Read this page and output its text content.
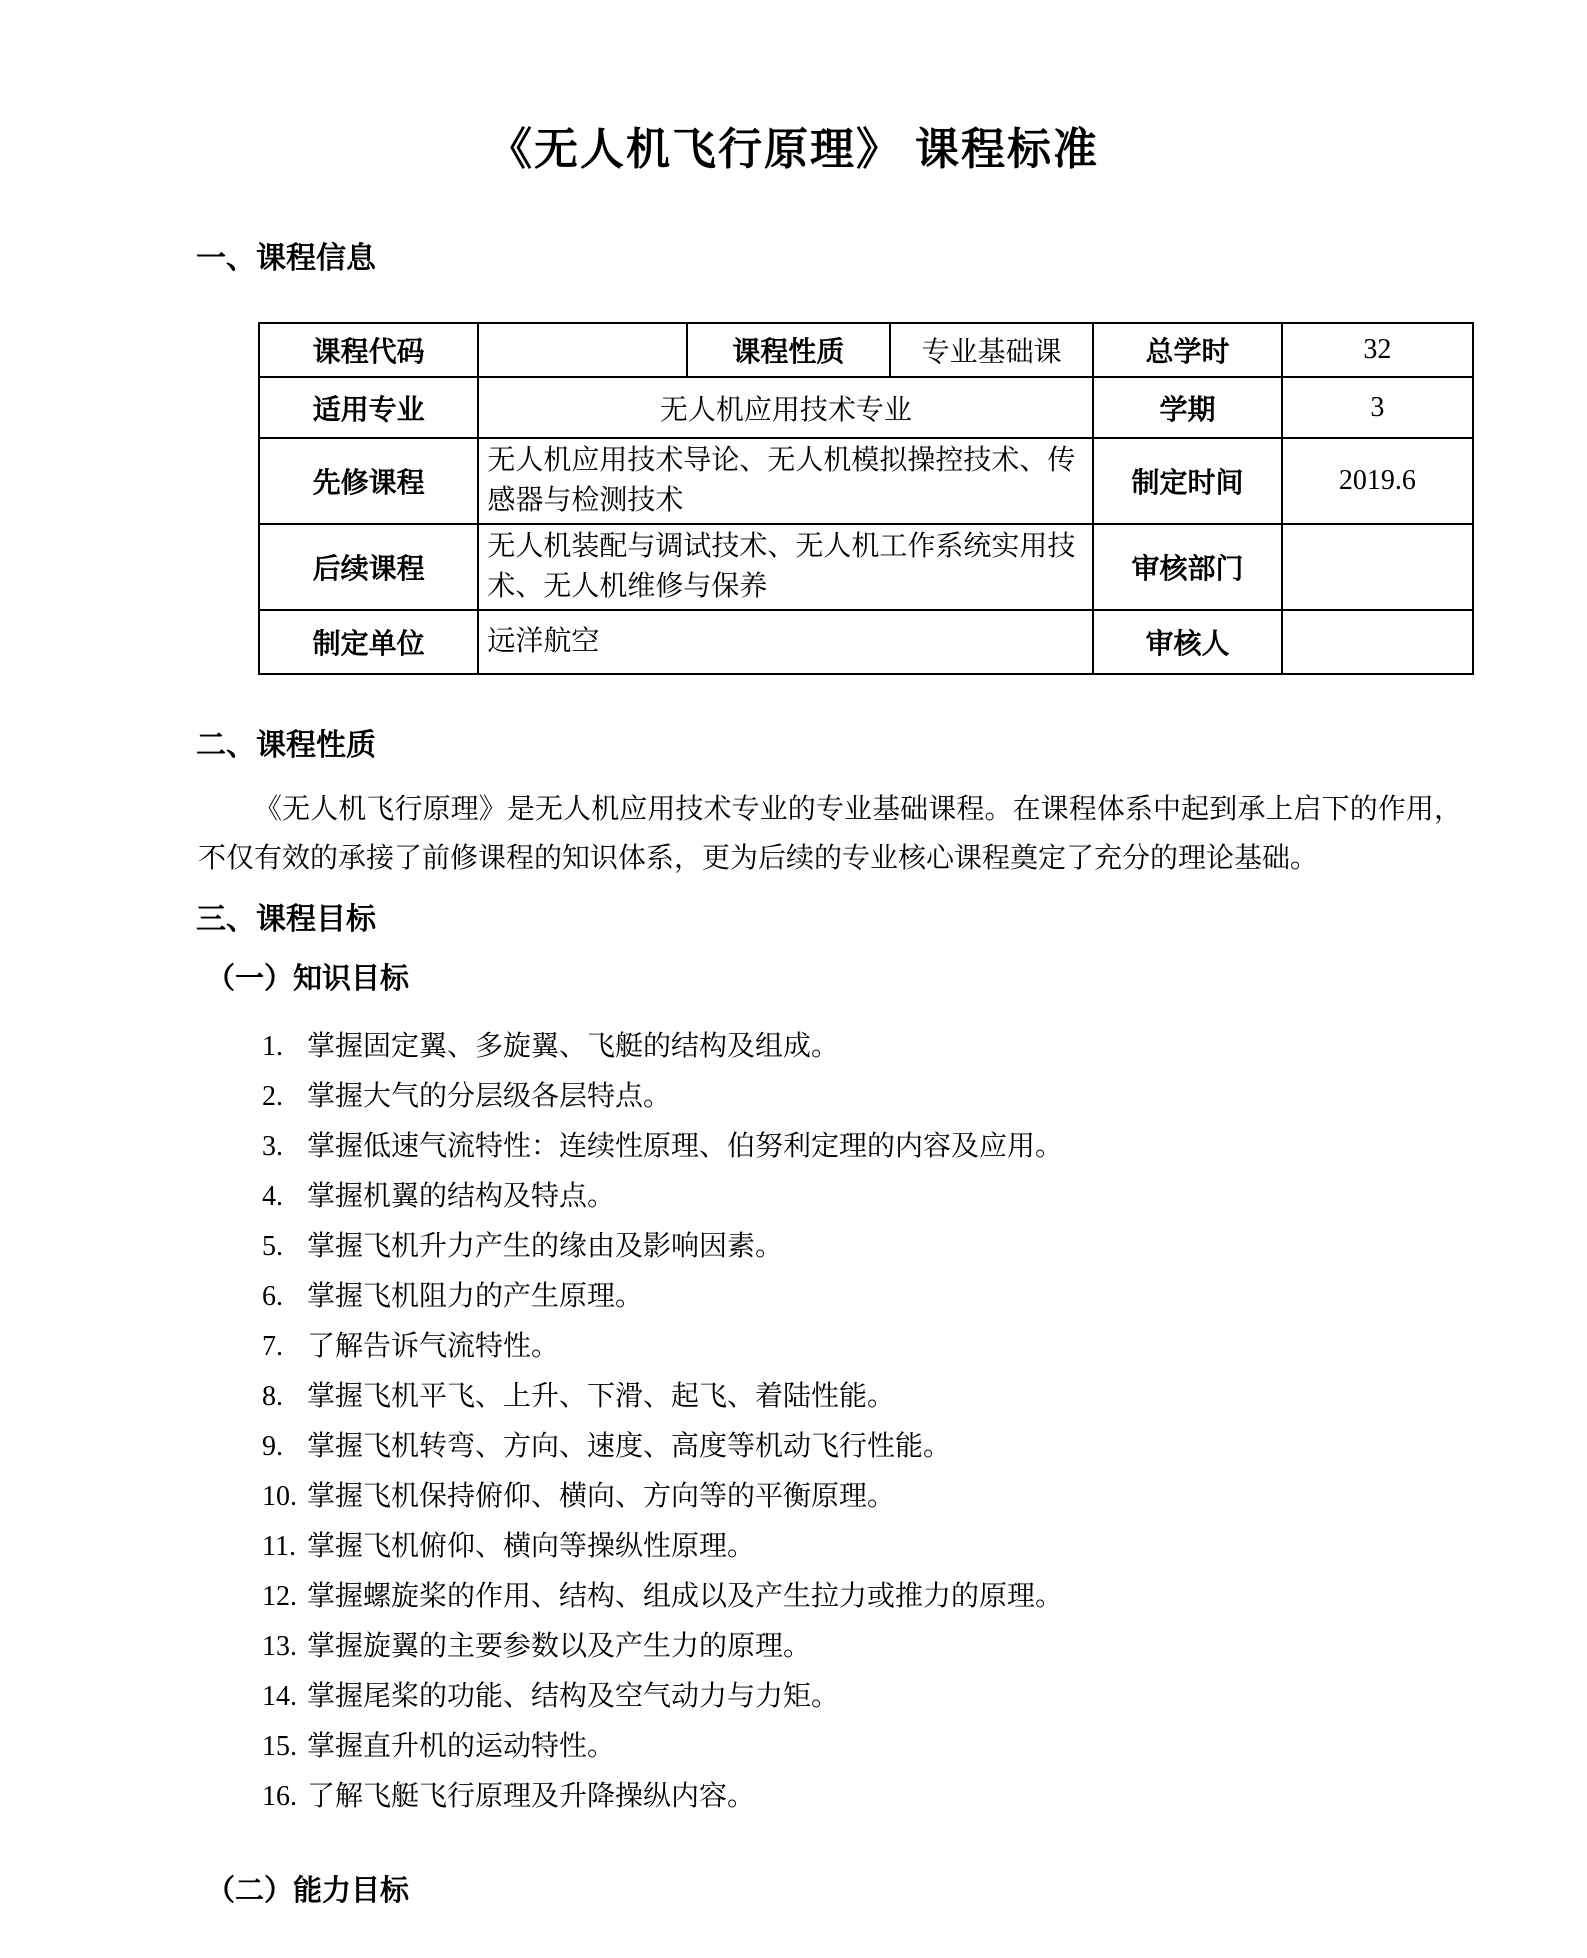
《无人机飞行原理》 课程标准
一、课程信息
课程代码		课程性质	专业基础课	总学时	32
适用专业	无人机应用技术专业			学期	3
先修课程	无人机应用技术导论、无人机模拟操控技术、传感器与检测技术			制定时间	2019.6
后续课程	无人机装配与调试技术、无人机工作系统实用技术、无人机维修与保养			审核部门	
制定单位	远洋航空			审核人	
二、课程性质
《无人机飞行原理》是无人机应用技术专业的专业基础课程。在课程体系中起到承上启下的作用，不仅有效的承接了前修课程的知识体系，更为后续的专业核心课程奠定了充分的理论基础。
三、课程目标
（一）知识目标
1. 掌握固定翼、多旋翼、飞艇的结构及组成。
2. 掌握大气的分层级各层特点。
3. 掌握低速气流特性：连续性原理、伯努利定理的内容及应用。
4. 掌握机翼的结构及特点。
5. 掌握飞机升力产生的缘由及影响因素。
6. 掌握飞机阻力的产生原理。
7. 了解告诉气流特性。
8. 掌握飞机平飞、上升、下滑、起飞、着陆性能。
9. 掌握飞机转弯、方向、速度、高度等机动飞行性能。
10. 掌握飞机保持俯仰、横向、方向等的平衡原理。
11. 掌握飞机俯仰、横向等操纵性原理。
12. 掌握螺旋桨的作用、结构、组成以及产生拉力或推力的原理。
13. 掌握旋翼的主要参数以及产生力的原理。
14. 掌握尾桨的功能、结构及空气动力与力矩。
15. 掌握直升机的运动特性。
16. 了解飞艇飞行原理及升降操纵内容。
（二）能力目标
